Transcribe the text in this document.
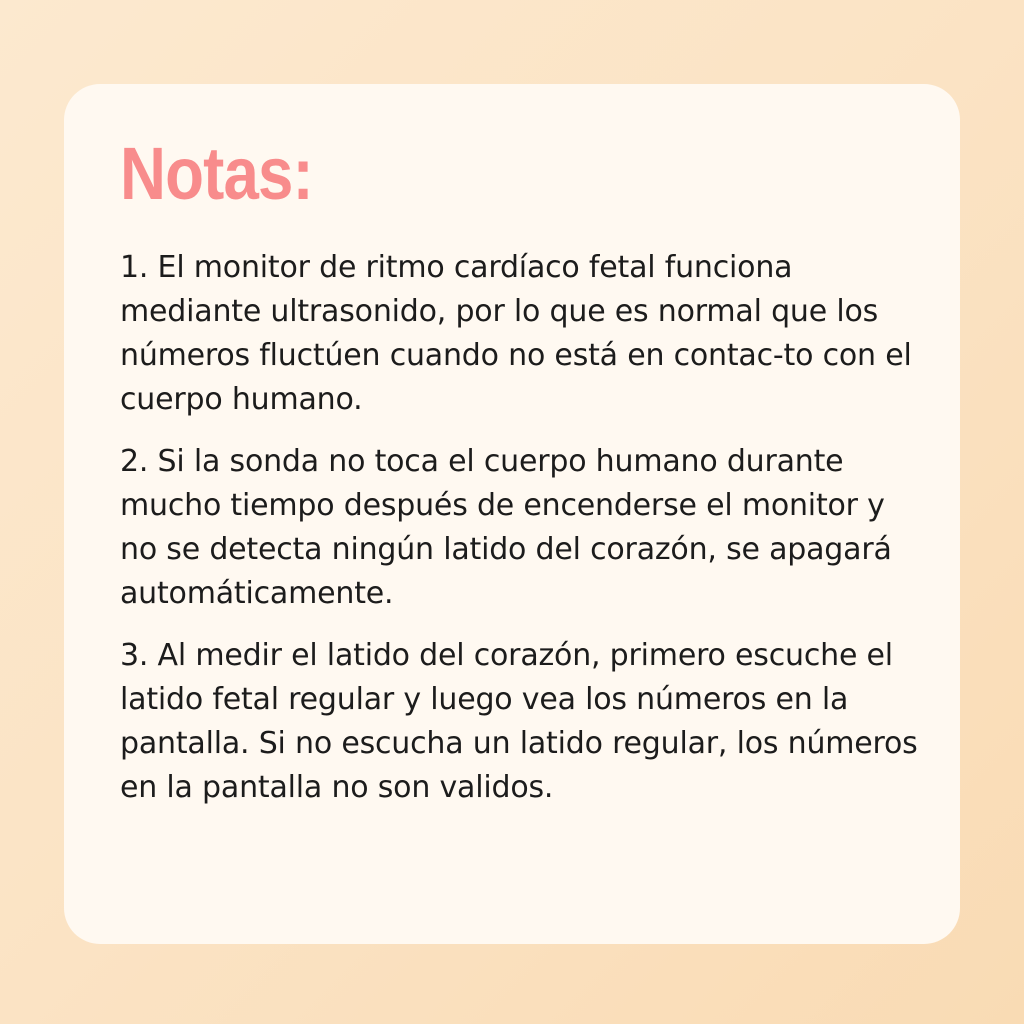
Notas:

1. El monitor de ritmo cardíaco fetal funciona mediante ultrasonido, por lo que es normal que los números fluctúen cuando no está en contac-to con el cuerpo humano.

2. Si la sonda no toca el cuerpo humano durante mucho tiempo después de encenderse el monitor y no se detecta ningún latido del corazón, se apagará automáticamente.

3. Al medir el latido del corazón, primero escuche el latido fetal regular y luego vea los números en la pantalla. Si no escucha un latido regular, los números en la pantalla no son validos.
